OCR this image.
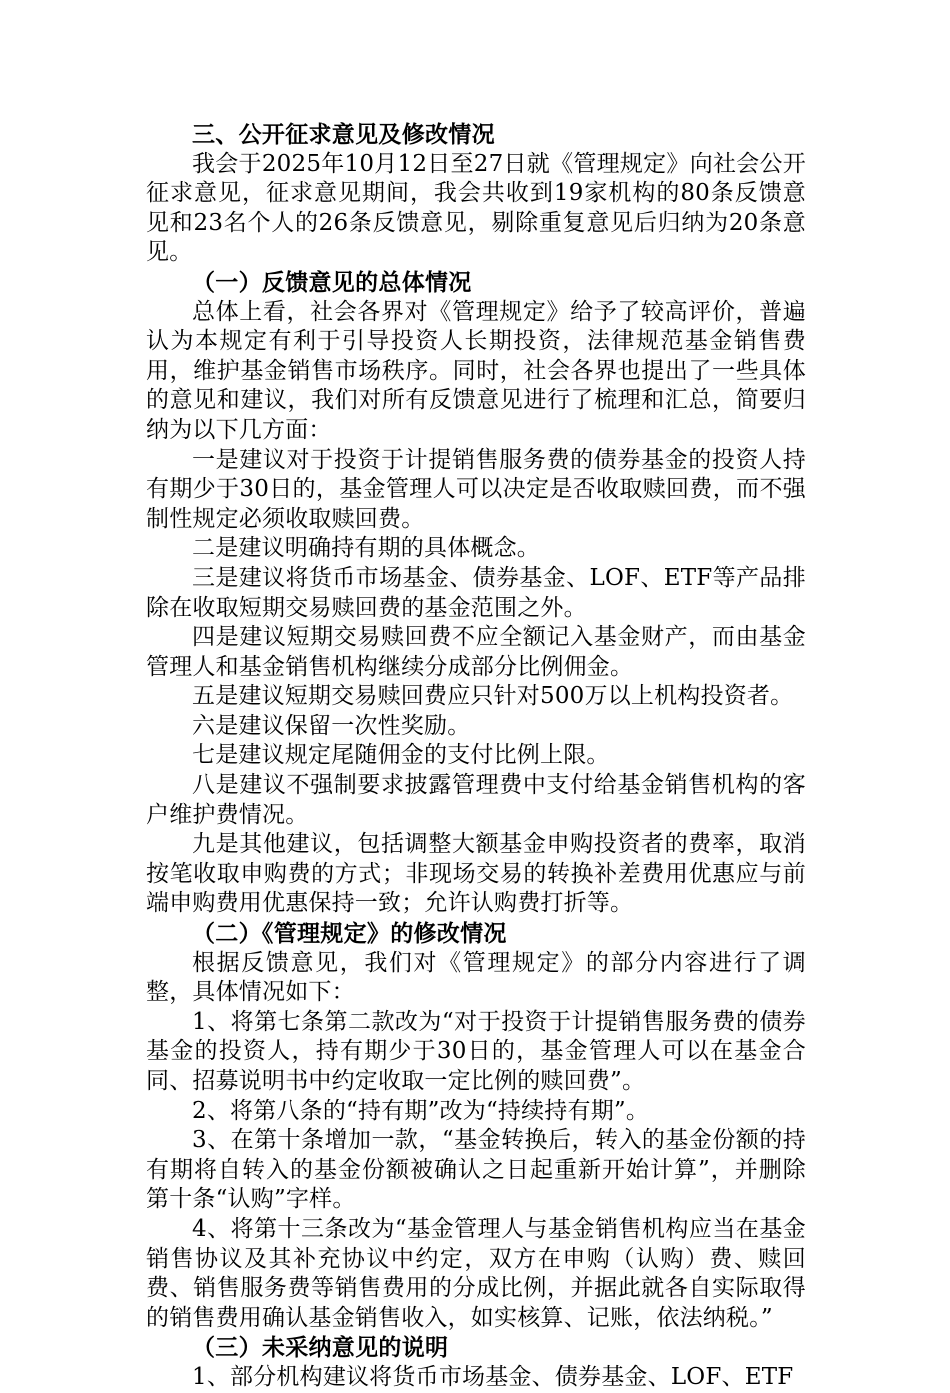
三、公开征求意见及修改情况

我会于2025年10月12日至27日就《管理规定》向社会公开征求意见，征求意见期间，我会共收到19家机构的80条反馈意见和23名个人的26条反馈意见，剔除重复意见后归纳为20条意见。

（一）反馈意见的总体情况

总体上看，社会各界对《管理规定》给予了较高评价，普遍认为本规定有利于引导投资人长期投资，法律规范基金销售费用，维护基金销售市场秩序。同时，社会各界也提出了一些具体的意见和建议，我们对所有反馈意见进行了梳理和汇总，简要归纳为以下几方面：

一是建议对于投资于计提销售服务费的债券基金的投资人持有期少于30日的，基金管理人可以决定是否收取赎回费，而不强制性规定必须收取赎回费。

二是建议明确持有期的具体概念。

三是建议将货币市场基金、债券基金、LOF、ETF等产品排除在收取短期交易赎回费的基金范围之外。

四是建议短期交易赎回费不应全额记入基金财产，而由基金管理人和基金销售机构继续分成部分比例佣金。

五是建议短期交易赎回费应只针对500万以上机构投资者。

六是建议保留一次性奖励。

七是建议规定尾随佣金的支付比例上限。

八是建议不强制要求披露管理费中支付给基金销售机构的客户维护费情况。

九是其他建议，包括调整大额基金申购投资者的费率，取消按笔收取申购费的方式；非现场交易的转换补差费用优惠应与前端申购费用优惠保持一致；允许认购费打折等。

（二）《管理规定》的修改情况

根据反馈意见，我们对《管理规定》的部分内容进行了调整，具体情况如下：

1、将第七条第二款改为“对于投资于计提销售服务费的债券基金的投资人，持有期少于30日的，基金管理人可以在基金合同、招募说明书中约定收取一定比例的赎回费”。

2、将第八条的“持有期”改为“持续持有期”。

3、在第十条增加一款，“基金转换后，转入的基金份额的持有期将自转入的基金份额被确认之日起重新开始计算”，并删除第十条“认购”字样。

4、将第十三条改为“基金管理人与基金销售机构应当在基金销售协议及其补充协议中约定，双方在申购（认购）费、赎回费、销售服务费等销售费用的分成比例，并据此就各自实际取得的销售费用确认基金销售收入，如实核算、记账，依法纳税。”

（三）未采纳意见的说明

1、部分机构建议将货币市场基金、债券基金、LOF、ETF
